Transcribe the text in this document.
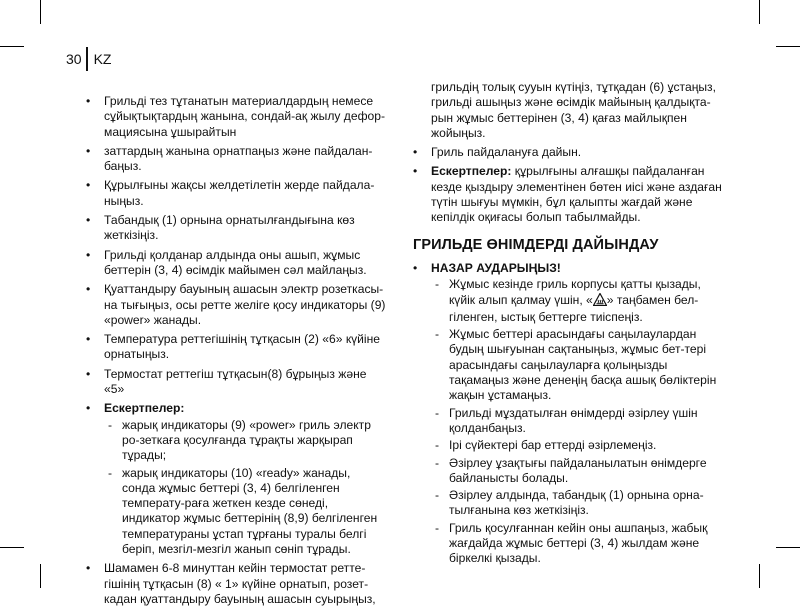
30 KZ
• Грильді тез тұтанатын материалдардың немесе сұйықтықтардың жанына, сондай-ақ жылу дефор-мациясына ұшырайтын
• заттардың жанына орнатпаңыз және пайдалан-баңыз.
• Құрылғыны жақсы желдетілетін жерде пайдала-ныңыз.
• Табандық (1) орнына орнатылғандығына көз жеткізіңіз.
• Грильді қолданар алдында оны ашып, жұмыс беттерін (3, 4) өсімдік майымен сәл майлаңыз.
• Қуаттандыру бауының ашасын электр розеткасы-на тығыңыз, осы ретте желіге қосу индикаторы (9) «power» жанады.
• Температура реттегішінің тұтқасын (2) «6» күйіне орнатыңыз.
• Термостат реттегіш тұтқасын(8) бұрыңыз және «5»
• Ескертпелер:
- жарық индикаторы (9) «power» гриль электр ро-зеткаға қосулғанда тұрақты жарқырап тұрады;
- жарық индикаторы (10) «ready» жанады, сонда жұмыс беттері (3, 4) белгіленген температу-раға жеткен кезде сөнеді, индикатор жұмыс беттерінің (8,9) белгіленген температураны ұстап тұрғаны туралы белгі беріп, мезгіл-мезгіл жанып сөніп тұрады.
• Шамамен 6-8 минуттан кейін термостат ретте-гішінің тұтқасын (8) « 1» күйіне орнатып, розет-кадан қуаттандыру бауының ашасын суырыңыз,
грильдің толық сууын күтіңіз, тұтқадан (6) ұстаңыз, грильді ашыңыз және өсімдік майының қалдықта-рын жұмыс беттерінен (3, 4) қағаз майлықпен жойыңыз.
• Гриль пайдалануға дайын.
• Ескертпелер: құрылғыны алғашқы пайдаланған кезде қыздыру элементінен бөтен иісі және аздаған түтін шығуы мүмкін, бұл қалыпты жағдай және кепілдік оқиғасы болып табылмайды.
ГРИЛЬДЕ ӨНІМДЕРДІ ДАЙЫНДАУ
• НАЗАР АУДАРЫҢЫЗ!
- Жұмыс кезінде гриль корпусы қатты қызады, күйік алып қалмау үшін, « » таңбамен бел-гіленген, ыстық беттерге тиіспеңіз.
- Жұмыс беттері арасындағы саңылаулардан будың шығуынан сақтаныңыз, жұмыс бет-тері арасындағы саңылауларға қолыңызды тақамаңыз және денеңің басқа ашық бөліктерін жақын ұстамаңыз.
- Грильді мұздатылған өнімдерді әзірлеу үшін қолданбаңыз.
- Ірі сүйектері бар еттерді әзірлемеңіз.
- Әзірлеу ұзақтығы пайдаланылатын өнімдерге байланысты болады.
- Әзірлеу алдында, табандық (1) орнына орна-тылғанына көз жеткізіңіз.
- Гриль қосулғаннан кейін оны ашпаңыз, жабық жағдайда жұмыс беттері (3, 4) жылдам және біркелкі қызады.
